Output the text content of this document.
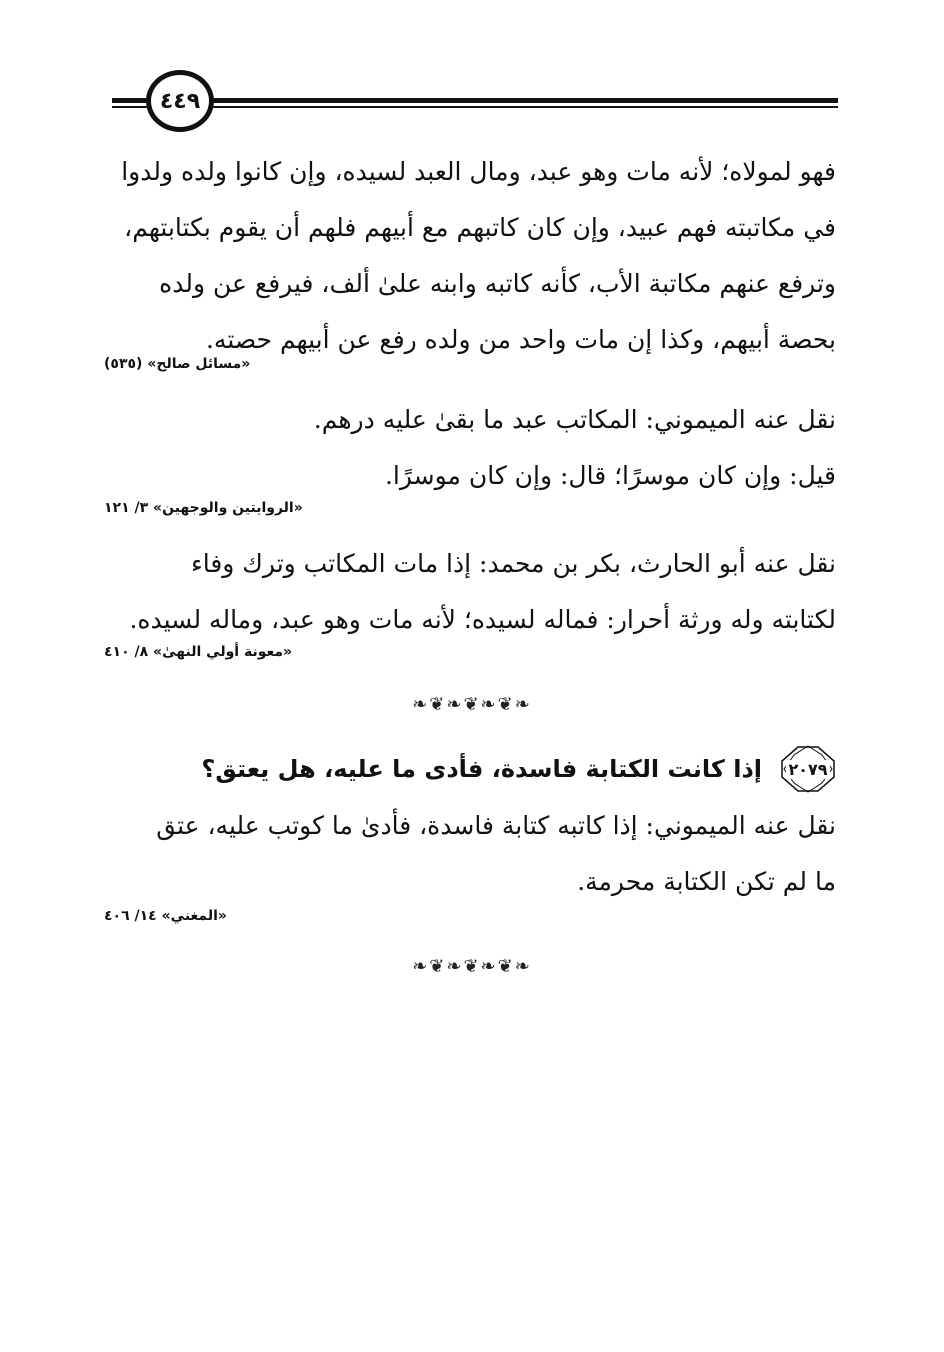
٤٤٩
فهو لمولاه؛ لأنه مات وهو عبد، ومال العبد لسيده، وإن كانوا ولده ولدوا
في مكاتبته فهم عبيد، وإن كان كاتبهم مع أبيهم فلهم أن يقوم بكتابتهم،
وترفع عنهم مكاتبة الأب، كأنه كاتبه وابنه علىٰ ألف، فيرفع عن ولده
بحصة أبيهم، وكذا إن مات واحد من ولده رفع عن أبيهم حصته.
«مسائل صالح» (٥٣٥)
نقل عنه الميموني: المكاتب عبد ما بقىٰ عليه درهم.
قيل: وإن كان موسرًا؛ قال: وإن كان موسرًا.
«الروايتين والوجهين» ٣/ ١٢١
نقل عنه أبو الحارث، بكر بن محمد: إذا مات المكاتب وترك وفاء
لكتابته وله ورثة أحرار: فماله لسيده؛ لأنه مات وهو عبد، وماله لسيده.
«معونة أولي النهىٰ» ٨/ ٤١٠
❧❦❧❦❧❦❧
٢٠٧٩
إذا كانت الكتابة فاسدة، فأدى ما عليه، هل يعتق؟
نقل عنه الميموني: إذا كاتبه كتابة فاسدة، فأدىٰ ما كوتب عليه، عتق
ما لم تكن الكتابة محرمة.
«المغني» ١٤/ ٤٠٦
❧❦❧❦❧❦❧
